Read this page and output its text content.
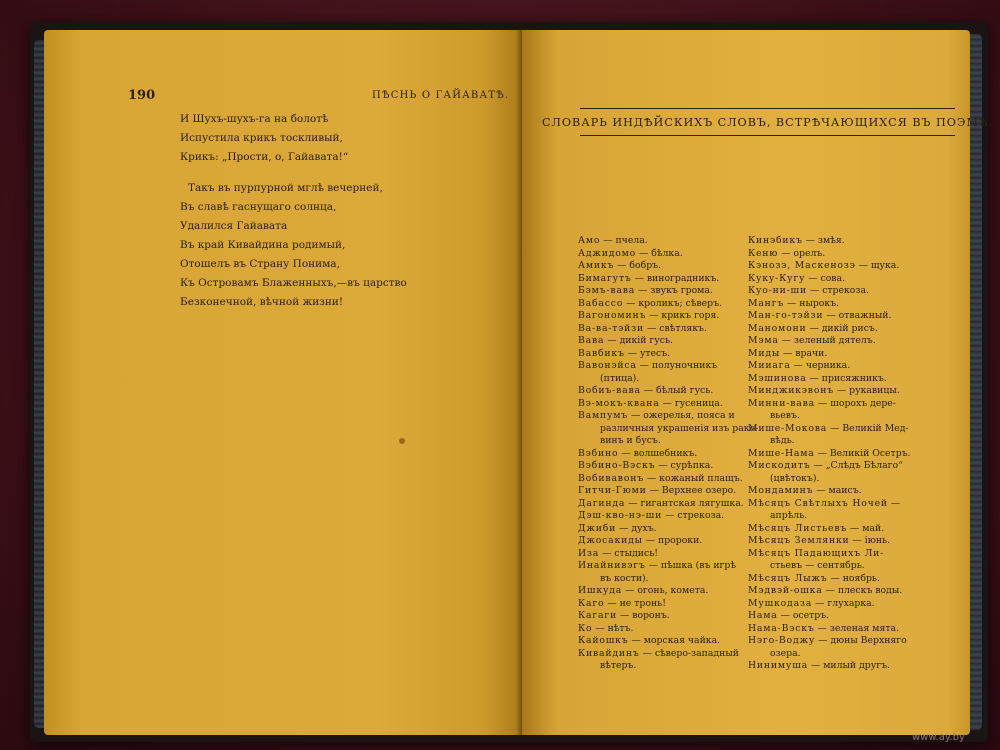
190	ПѢСНЬ О ГАЙАВАТѢ.
И Шухъ-шухъ-га на болотѣ
Испустила крикъ тоскливый,
Крикъ: „Прости, о, Гайавата!“
Такъ въ пурпурной мглѣ вечерней,
Въ славѣ гаснущаго солнца,
Удалился Гайавата
Въ край Кивайдина родимый,
Отошелъ въ Страну Понима,
Къ Островамъ Блаженныхъ,—въ царство
Безконечной, вѣчной жизни!
СЛОВАРЬ ИНДѢЙСКИХЪ СЛОВЪ, ВСТРѢЧАЮЩИХСЯ ВЪ ПОЭМѢ.
Амо — пчела.
Аджидомо — бѣлка.
Амикъ — бобръ.
Бимагутъ — виноградникъ.
Бэмъ-вава — звукъ грома.
Вабассо — кроликъ; сѣверъ.
Вагономинъ — крикъ горя.
Ва-ва-тэйзи — свѣтлякъ.
Вава — дикій гусь.
Вавбикъ — утесъ.
Вавонэйса — полуночникъ
(птица).
Вобиъ-вава — бѣлый гусь.
Вэ-мокъ-квана — гусеница.
Вампумъ — ожерелья, пояса и
различныя украшенія изъ рако-винъ и бусъ.
Вэбино — волшебникъ.
Вэбино-Вэскъ — сурѣпка.
Вобивавонъ — кожаный плащъ.
Гитчи-Гюми — Верхнее озеро.
Дагинда — гигантская лягушка.
Дэш-кво-нэ-ши — стрекоза.
Джиби — духъ.
Джосакиды — пророки.
Иза — стыдись!
Инайнивэгъ — пѣшка (въ игрѣ
въ кости).
Ишкуда — огонь, комета.
Каго — не тронь!
Кагаги — воронъ.
Ко — нѣтъ.
Кайошкъ — морская чайка.
Кивайдинъ — сѣверо-западный
вѣтеръ.
Кинэбикъ — змѣя.
Кеню — орелъ.
Кэнозэ, Маскенозэ — щука.
Куку-Кугу — сова.
Куо-ни-ши — стрекоза.
Мангъ — нырокъ.
Ман-го-тэйзи — отважный.
Маномони — дикій рисъ.
Мэма — зеленый дятелъ.
Миды — врачи.
Мииага — черника.
Мэшинова — присяжникъ.
Минджикэвонъ — рукавицы.
Минни-вава — шорохъ дере-
вьевъ.
Мише-Мокова — Великій Мед-
вѣдь.
Мише-Нама — Великій Осетръ.
Мискодитъ — „Слѣдъ Бѣлаго“
(цвѣтокъ).
Мондаминъ — маисъ.
Мѣсяцъ Свѣтлыхъ Ночей —
апрѣль.
Мѣсяцъ Листьевъ — май.
Мѣсяцъ Землянки — іюнь.
Мѣсяцъ Падающихъ Ли-
стьевъ — сентябрь.
Мѣсяцъ Лыжъ — ноябрь.
Мэдвэй-ошка — плескъ воды.
Мушкодаза — глухарка.
Нама — осетръ.
Нама-Вэскъ — зеленая мята.
Нэго-Воджу — дюны Верхняго
озера.
Нинимуша — милый другъ.
www.ay.by
